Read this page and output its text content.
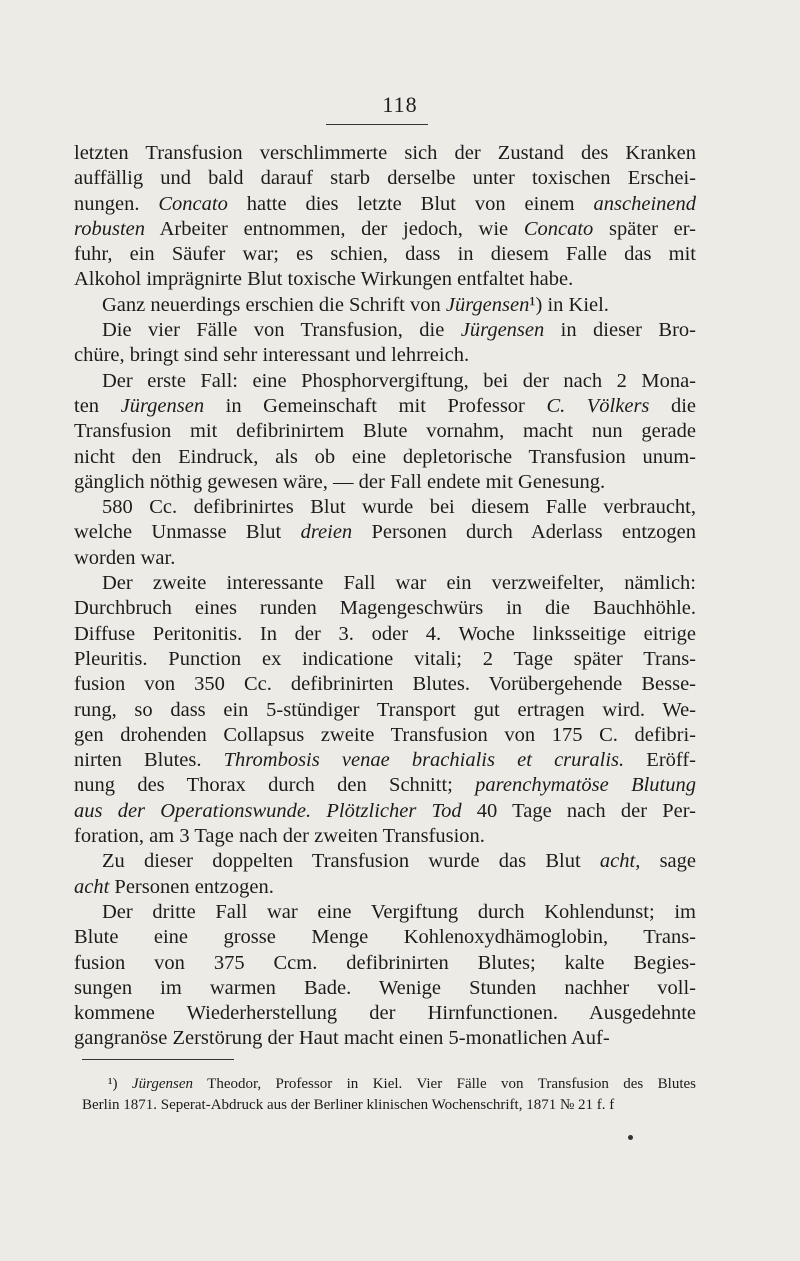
118

letzten Transfusion verschlimmerte sich der Zustand des Kranken
auffällig und bald darauf starb derselbe unter toxischen Erschei-
nungen. Concato hatte dies letzte Blut von einem anscheinend
robusten Arbeiter entnommen, der jedoch, wie Concato später er-
fuhr, ein Säufer war; es schien, dass in diesem Falle das mit
Alkohol imprägnirte Blut toxische Wirkungen entfaltet habe.

Ganz neuerdings erschien die Schrift von Jürgensen¹) in Kiel.

Die vier Fälle von Transfusion, die Jürgensen in dieser Bro-
chüre, bringt sind sehr interessant und lehrreich.

Der erste Fall: eine Phosphorvergiftung, bei der nach 2 Mona-
ten Jürgensen in Gemeinschaft mit Professor C. Völkers die
Transfusion mit defibrinirtem Blute vornahm, macht nun gerade
nicht den Eindruck, als ob eine depletorische Transfusion unum-
gänglich nöthig gewesen wäre, — der Fall endete mit Genesung.

580 Cc. defibrinirtes Blut wurde bei diesem Falle verbraucht,
welche Unmasse Blut dreien Personen durch Aderlass entzogen
worden war.

Der zweite interessante Fall war ein verzweifelter, nämlich:
Durchbruch eines runden Magengeschwürs in die Bauchhöhle.
Diffuse Peritonitis. In der 3. oder 4. Woche linksseitige eitrige
Pleuritis. Punction ex indicatione vitali; 2 Tage später Trans-
fusion von 350 Cc. defibrinirten Blutes. Vorübergehende Besse-
rung, so dass ein 5-stündiger Transport gut ertragen wird. We-
gen drohenden Collapsus zweite Transfusion von 175 C. defibri-
nirten Blutes. Thrombosis venae brachialis et cruralis. Eröff-
nung des Thorax durch den Schnitt; parenchymatöse Blutung
aus der Operationswunde. Plötzlicher Tod 40 Tage nach der Per-
foration, am 3 Tage nach der zweiten Transfusion.

Zu dieser doppelten Transfusion wurde das Blut acht, sage
acht Personen entzogen.

Der dritte Fall war eine Vergiftung durch Kohlendunst; im
Blute eine grosse Menge Kohlenoxydhämoglobin, Trans-
fusion von 375 Ccm. defibrinirten Blutes; kalte Begies-
sungen im warmen Bade. Wenige Stunden nachher voll-
kommene Wiederherstellung der Hirnfunctionen. Ausgedehnte
gangranöse Zerstörung der Haut macht einen 5-monatlichen Auf-

¹) Jürgensen Theodor, Professor in Kiel. Vier Fälle von Transfusion des Blutes
Berlin 1871. Seperat-Abdruck aus der Berliner klinischen Wochenschrift, 1871 № 21 f. f
